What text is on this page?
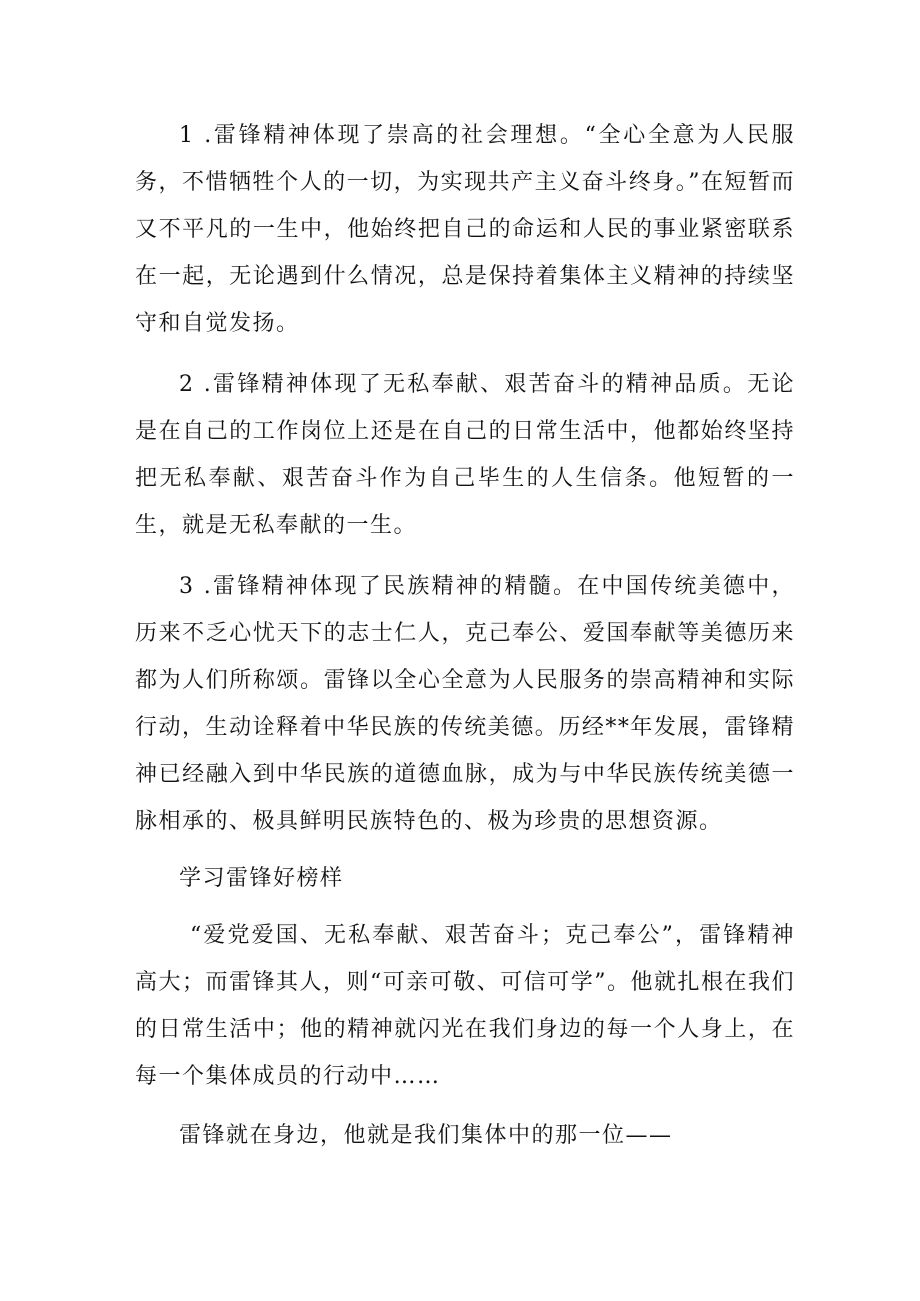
1 .雷锋精神体现了崇高的社会理想。“全心全意为人民服务，不惜牺牲个人的一切，为实现共产主义奋斗终身。”在短暂而又不平凡的一生中，他始终把自己的命运和人民的事业紧密联系在一起，无论遇到什么情况，总是保持着集体主义精神的持续坚守和自觉发扬。

2 .雷锋精神体现了无私奉献、艰苦奋斗的精神品质。无论是在自己的工作岗位上还是在自己的日常生活中，他都始终坚持把无私奉献、艰苦奋斗作为自己毕生的人生信条。他短暂的一生，就是无私奉献的一生。

3 .雷锋精神体现了民族精神的精髓。在中国传统美德中，历来不乏心忧天下的志士仁人，克己奉公、爱国奉献等美德历来都为人们所称颂。雷锋以全心全意为人民服务的崇高精神和实际行动，生动诠释着中华民族的传统美德。历经**年发展，雷锋精神已经融入到中华民族的道德血脉，成为与中华民族传统美德一脉相承的、极具鲜明民族特色的、极为珍贵的思想资源。

学习雷锋好榜样

“爱党爱国、无私奉献、艰苦奋斗；克己奉公”，雷锋精神高大；而雷锋其人，则“可亲可敬、可信可学”。他就扎根在我们的日常生活中；他的精神就闪光在我们身边的每一个人身上，在每一个集体成员的行动中……

雷锋就在身边，他就是我们集体中的那一位——
